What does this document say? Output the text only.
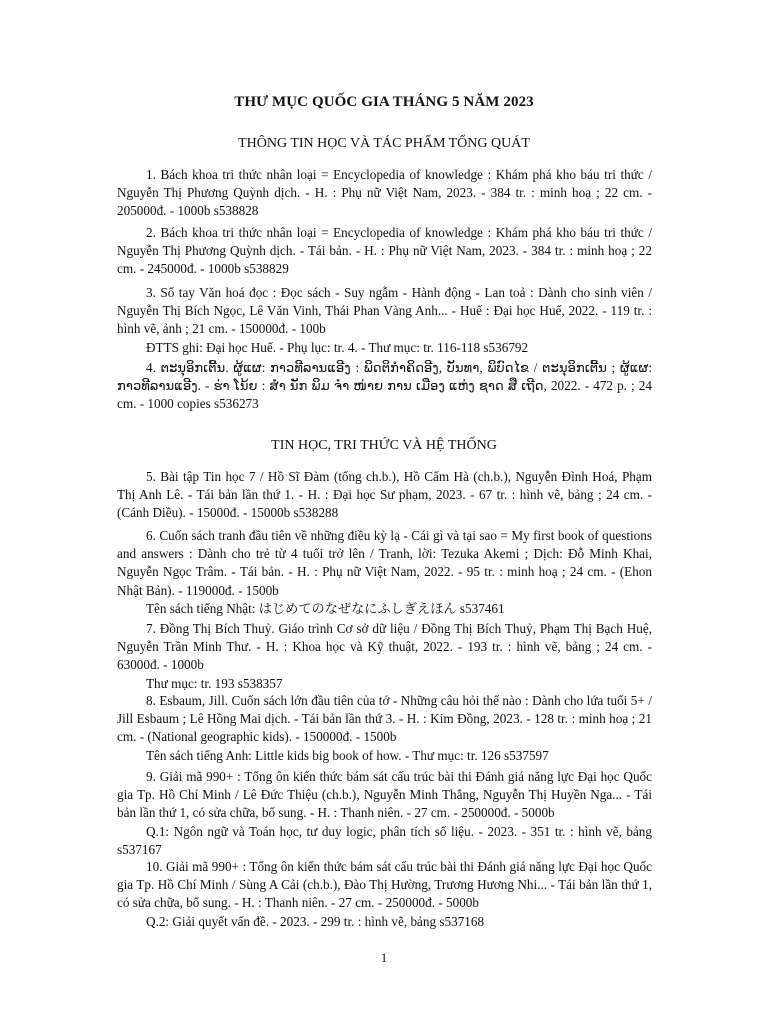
THƯ MỤC QUỐC GIA THÁNG 5 NĂM 2023
THÔNG TIN HỌC VÀ TÁC PHẨM TỔNG QUÁT

1. Bách khoa tri thức nhân loại = Encyclopedia of knowledge : Khám phá kho báu tri thức / Nguyễn Thị Phương Quỳnh dịch. - H. : Phụ nữ Việt Nam, 2023. - 384 tr. : minh hoạ ; 22 cm. - 205000đ. - 1000b s538828

2. Bách khoa tri thức nhân loại = Encyclopedia of knowledge : Khám phá kho báu tri thức / Nguyễn Thị Phương Quỳnh dịch. - Tái bản. - H. : Phụ nữ Việt Nam, 2023. - 384 tr. : minh hoạ ; 22 cm. - 245000đ. - 1000b s538829

3. Sổ tay Văn hoá đọc : Đọc sách - Suy ngẫm - Hành động - Lan toả : Dành cho sinh viên / Nguyễn Thị Bích Ngọc, Lê Văn Vinh, Thái Phan Vàng Anh... - Huế : Đại học Huế, 2022. - 119 tr. : hình vẽ, ảnh ; 21 cm. - 150000đ. - 100b

ĐTTS ghi: Đại học Huế. - Phụ lục: tr. 4. - Thư mục: tr. 116-118 s536792

4. ຕະນຸອິກເຕີ້ນ. ຜູ້ແຜ: ກາວທີລານແອີງ : ພິດຕິກຳຄິດອີງ, ບັນທາ, ພິບົດໄຂ / ຕະນຸອິກເຕີ້ນ ; ຜູ້ແຜ: ກາວທີລານແອີງ. - ຮ່າ ໂນ້ຍ : ສຳ ນັກ ພິມ ຈຳ ໜ່າຍ ການ ເມືອງ ແຫ່ງ ຊາດ ສື ເຖີດ, 2022. - 472 p. ; 24 cm. - 1000 copies s536273

TIN HỌC, TRI THỨC VÀ HỆ THỐNG

5. Bài tập Tin học 7 / Hồ Sĩ Đàm (tổng ch.b.), Hồ Cẩm Hà (ch.b.), Nguyễn Đình Hoá, Phạm Thị Anh Lê. - Tái bản lần thứ 1. - H. : Đại học Sư phạm, 2023. - 67 tr. : hình vẽ, bảng ; 24 cm. - (Cánh Diều). - 15000đ. - 15000b s538288

6. Cuốn sách tranh đầu tiên về những điều kỳ lạ - Cái gì và tại sao = My first book of questions and answers : Dành cho trẻ từ 4 tuổi trở lên / Tranh, lời: Tezuka Akemi ; Dịch: Đỗ Minh Khai, Nguyễn Ngọc Trâm. - Tái bản. - H. : Phụ nữ Việt Nam, 2022. - 95 tr. : minh hoạ ; 24 cm. - (Ehon Nhật Bản). - 119000đ. - 1500b

Tên sách tiếng Nhật: はじめてのなぜなにふしぎえほん s537461

7. Đồng Thị Bích Thuỷ. Giáo trình Cơ sở dữ liệu / Đồng Thị Bích Thuỷ, Phạm Thị Bạch Huệ, Nguyễn Trần Minh Thư. - H. : Khoa học và Kỹ thuật, 2022. - 193 tr. : hình vẽ, bảng ; 24 cm. - 63000đ. - 1000b

Thư mục: tr. 193 s538357

8. Esbaum, Jill. Cuốn sách lớn đầu tiên của tớ - Những câu hỏi thế nào : Dành cho lứa tuổi 5+ / Jill Esbaum ; Lê Hồng Mai dịch. - Tái bản lần thứ 3. - H. : Kim Đồng, 2023. - 128 tr. : minh hoạ ; 21 cm. - (National geographic kids). - 150000đ. - 1500b

Tên sách tiếng Anh: Little kids big book of how. - Thư mục: tr. 126 s537597

9. Giải mã 990+ : Tổng ôn kiến thức bám sát cấu trúc bài thi Đánh giá năng lực Đại học Quốc gia Tp. Hồ Chí Minh / Lê Đức Thiệu (ch.b.), Nguyễn Minh Thắng, Nguyễn Thị Huyền Nga... - Tái bản lần thứ 1, có sửa chữa, bổ sung. - H. : Thanh niên. - 27 cm. - 250000đ. - 5000b

Q.1: Ngôn ngữ và Toán học, tư duy logic, phân tích số liệu. - 2023. - 351 tr. : hình vẽ, bảng s537167

10. Giải mã 990+ : Tổng ôn kiến thức bám sát cấu trúc bài thi Đánh giá năng lực Đại học Quốc gia Tp. Hồ Chí Minh / Sùng A Cải (ch.b.), Đào Thị Hường, Trương Hương Nhi... - Tái bản lần thứ 1, có sửa chữa, bổ sung. - H. : Thanh niên. - 27 cm. - 250000đ. - 5000b

Q.2: Giải quyết vấn đề. - 2023. - 299 tr. : hình vẽ, bảng s537168

1
